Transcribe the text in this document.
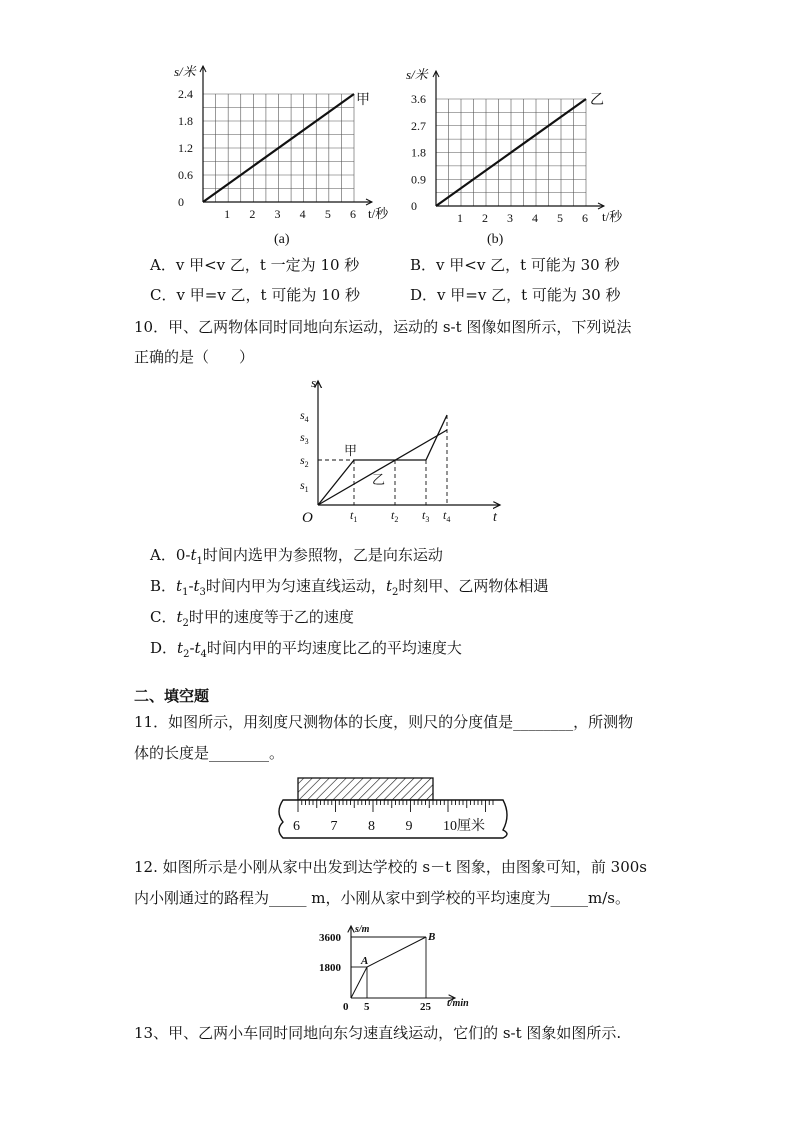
1 2 3 4 5 6
0
0.6
1.2
1.8
2.4
s/米
t/秒
甲
(a)
1 2 3 4 5 6
0
0.9
1.8
2.7
3.6
s/米
t/秒
乙
(b)
A．v 甲<v 乙，t 一定为 10 秒	B．v 甲<v 乙，t 可能为 30 秒
C．v 甲=v 乙，t 可能为 10 秒	D．v 甲=v 乙，t 可能为 30 秒
10．甲、乙两物体同时同地向东运动，运动的 s-t 图像如图所示，下列说法
正确的是（　　）
s
t
O
$s_1$
$s_2$
$s_3$
$s_4$
$t_1$	$t_2$ $t_3$ $t_4$
甲
乙
A．$0-t_1$时间内选甲为参照物，乙是向东运动
B．$t_1-t_3$时间内甲为匀速直线运动，$t_2$时刻甲、乙两物体相遇
C．$t_2$时甲的速度等于乙的速度
D．$t_2-t_4$时间内甲的平均速度比乙的平均速度大
二、填空题
11．如图所示，用刻度尺测物体的长度，则尺的分度值是________，所测物
体的长度是________。
6 7 8 9 10厘米
12. 如图所示是小刚从家中出发到达学校的 s－t 图象，由图象可知，前 300s
内小刚通过的路程为_____ m，小刚从家中到学校的平均速度为_____m/s。
s/m
t/min
1800
3600
0 5	25
A
B
13、甲、乙两小车同时同地向东匀速直线运动，它们的 s-t 图象如图所示.
